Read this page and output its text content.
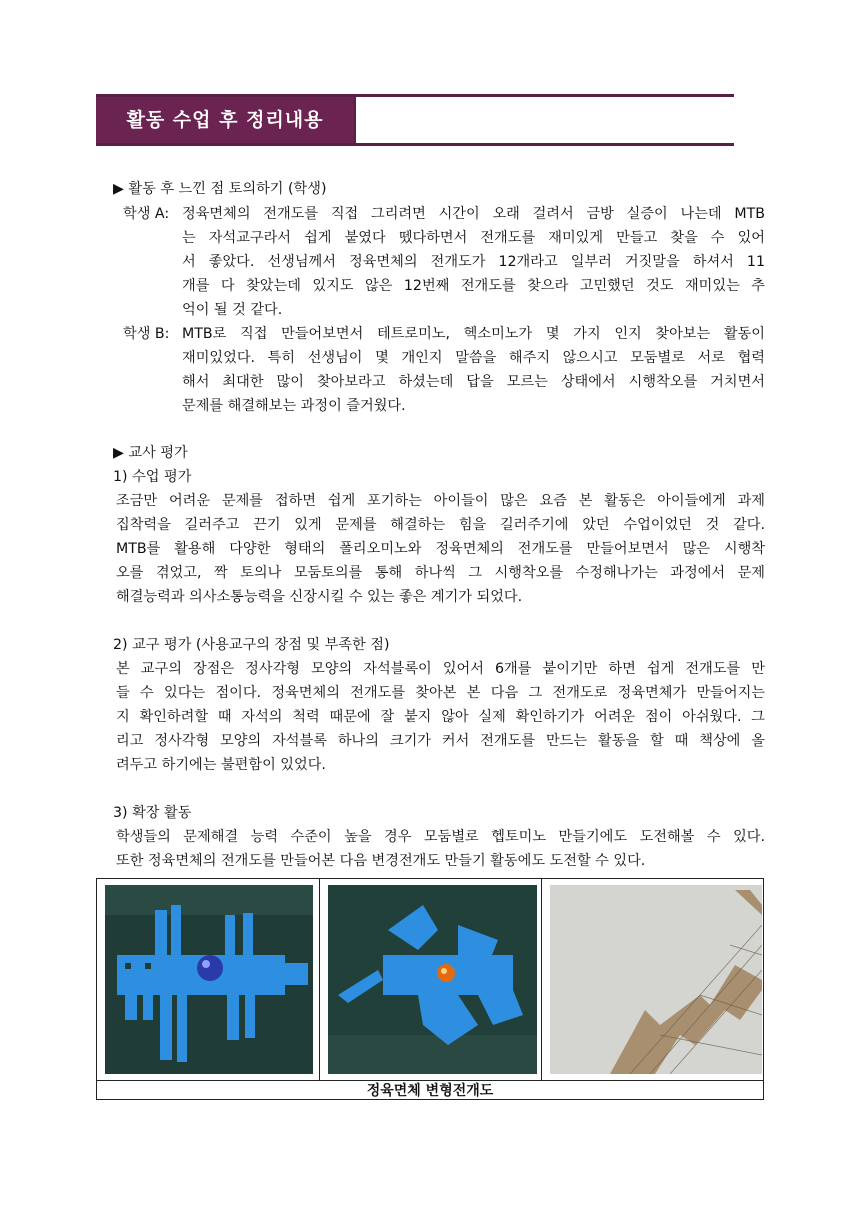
활동 수업 후 정리내용
▶ 활동 후 느낀 점 토의하기 (학생)
학생 A: 정육면체의 전개도를 직접 그리려면 시간이 오래 걸려서 금방 실증이 나는데 MTB
는 자석교구라서 쉽게 붙였다 뗐다하면서 전개도를 재미있게 만들고 찾을 수 있어
서 좋았다. 선생님께서 정육면체의 전개도가 12개라고 일부러 거짓말을 하셔서 11
개를 다 찾았는데 있지도 않은 12번째 전개도를 찾으라 고민했던 것도 재미있는 추
억이 될 것 같다.
학생 B: MTB로 직접 만들어보면서 테트로미노, 헥소미노가 몇 가지 인지 찾아보는 활동이
재미있었다. 특히 선생님이 몇 개인지 말씀을 해주지 않으시고 모둠별로 서로 협력
해서 최대한 많이 찾아보라고 하셨는데 답을 모르는 상태에서 시행착오를 거치면서
문제를 해결해보는 과정이 즐거웠다.
▶ 교사 평가
1) 수업 평가
조금만 어려운 문제를 접하면 쉽게 포기하는 아이들이 많은 요즘 본 활동은 아이들에게 과제
집착력을 길러주고 끈기 있게 문제를 해결하는 힘을 길러주기에 았던 수업이었던 것 같다.
MTB를 활용해 다양한 형태의 폴리오미노와 정육면체의 전개도를 만들어보면서 많은 시행착
오를 겪었고, 짝 토의나 모둠토의를 통해 하나씩 그 시행착오를 수정해나가는 과정에서 문제
해결능력과 의사소통능력을 신장시킬 수 있는 좋은 계기가 되었다.
2) 교구 평가 (사용교구의 장점 및 부족한 점)
본 교구의 장점은 정사각형 모양의 자석블록이 있어서 6개를 붙이기만 하면 쉽게 전개도를 만
들 수 있다는 점이다. 정육면체의 전개도를 찾아본 본 다음 그 전개도로 정육면체가 만들어지는
지 확인하려할 때 자석의 척력 때문에 잘 붙지 않아 실제 확인하기가 어려운 점이 아쉬웠다. 그
리고 정사각형 모양의 자석블록 하나의 크기가 커서 전개도를 만드는 활동을 할 때 책상에 올
려두고 하기에는 불편함이 있었다.
3) 확장 활동
학생들의 문제해결 능력 수준이 높을 경우 모둠별로 헵토미노 만들기에도 도전해볼 수 있다.
또한 정육면체의 전개도를 만들어본 다음 변경전개도 만들기 활동에도 도전할 수 있다.
정육면체 변형전개도
